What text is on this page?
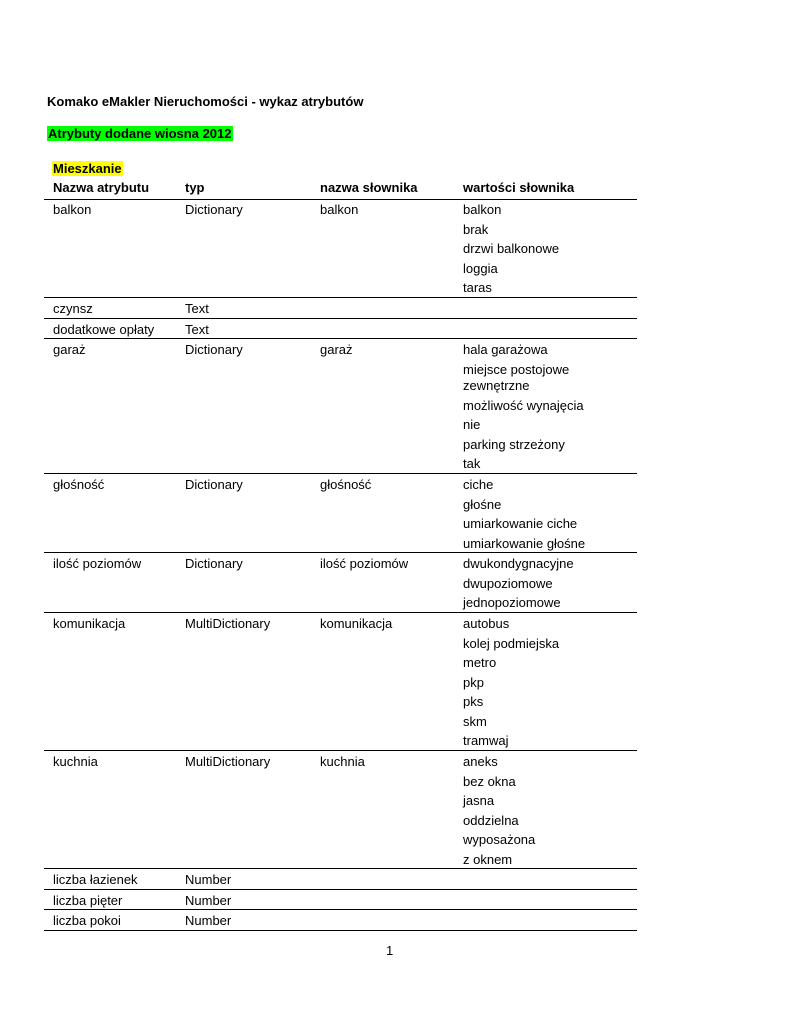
Komako eMakler Nieruchomości - wykaz atrybutów
Atrybuty dodane wiosna 2012
Mieszkanie
Nazwa atrybutu	typ	nazwa słownika	wartości słownika
balkon	Dictionary	balkon	balkon
brak
drzwi balkonowe
loggia
taras
czynsz	Text
dodatkowe opłaty Text
garaż	Dictionary	garaż	hala garażowa
miejsce postojowe
zewnętrzne
możliwość wynajęcia
nie
parking strzeżony
tak
głośność	Dictionary	głośność	ciche
głośne
umiarkowanie ciche
umiarkowanie głośne
ilość poziomów	Dictionary	ilość poziomów	dwukondygnacyjne
dwupoziomowe
jednopoziomowe
komunikacja	MultiDictionary	komunikacja	autobus
kolej podmiejska
metro
pkp
pks
skm
tramwaj
kuchnia	MultiDictionary	kuchnia	aneks
bez okna
jasna
oddzielna
wyposażona
z oknem
liczba łazienek	Number
liczba pięter	Number
liczba pokoi	Number
1
